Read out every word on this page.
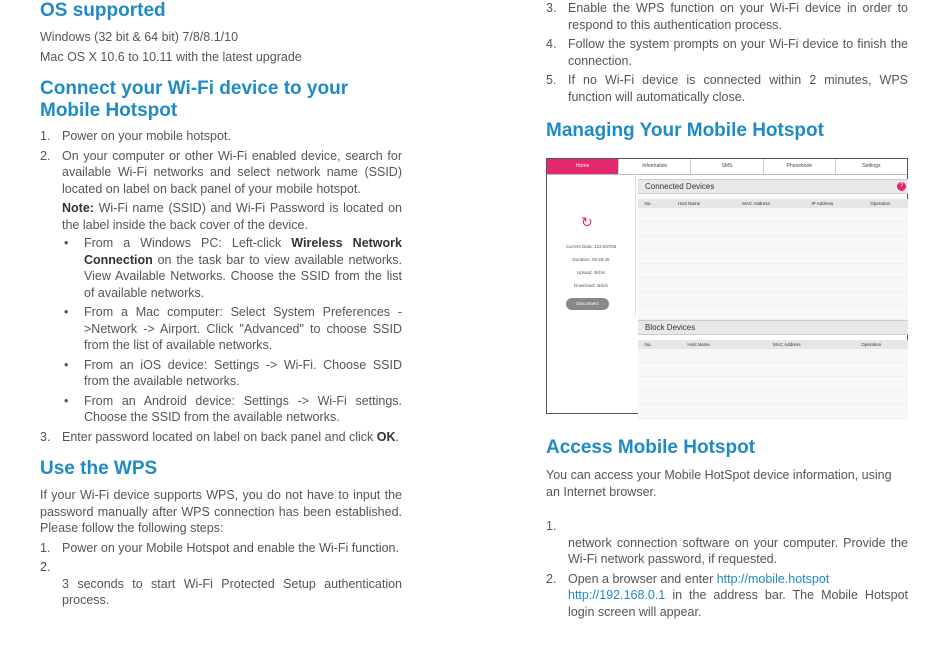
OS supported

Windows (32 bit & 64 bit) 7/8/8.1/10

Mac OS X 10.6 to 10.11 with the latest upgrade

Connect your Wi-Fi device to your
Mobile Hotspot
1. Power on your mobile hotspot.
2. On your computer or other Wi-Fi enabled device, search for available Wi-Fi networks and select network name (SSID) located on label on back panel of your mobile hotspot.
Note: Wi-Fi name (SSID) and Wi-Fi Password is located on the label inside the back cover of the device.
• From a Windows PC: Left-click Wireless Network Connection on the task bar to view available networks. View Available Networks. Choose the SSID from the list of available networks.
• From a Mac computer: Select System Preferences ->Network -> Airport. Click "Advanced" to choose SSID from the list of available networks.
• From an iOS device: Settings -> Wi-Fi. Choose SSID from the available networks.
• From an Android device: Settings -> Wi-Fi settings. Choose the SSID from the available networks.
3. Enter password located on label on back panel and click OK.
Use the WPS

If your Wi-Fi device supports WPS, you do not have to input the password manually after WPS connection has been established. Please follow the following steps:

1. Power on your Mobile Hotspot and enable the Wi-Fi function.
2.
3 seconds to start Wi-Fi Protected Setup authentication process.
3. Enable the WPS function on your Wi-Fi device in order to respond to this authentication process.
4. Follow the system prompts on your Wi-Fi device to finish the connection.
5. If no Wi-Fi device is connected within 2 minutes, WPS function will automatically close.
Managing Your Mobile Hotspot
Home	Information	SMS	Phonebook	Settings
↻
Current Data: 123.637KB
Duration: 00:29:45
Upload: 3Kb/s
Download: 4Kb/s
Disconnect
Connected Devices	?
No.	Host Name	MAC Address	IP Address	Operation

Block Devices
No.	Host Name	MAC Address	Operation

Access Mobile Hotspot

You can access your Mobile HotSpot device information, using an Internet browser.

1.
network connection software on your computer. Provide the Wi-Fi network password, if requested.
2. Open a browser and enter http://mobile.hotspot
http://192.168.0.1 in the address bar. The Mobile Hotspot login screen will appear.
